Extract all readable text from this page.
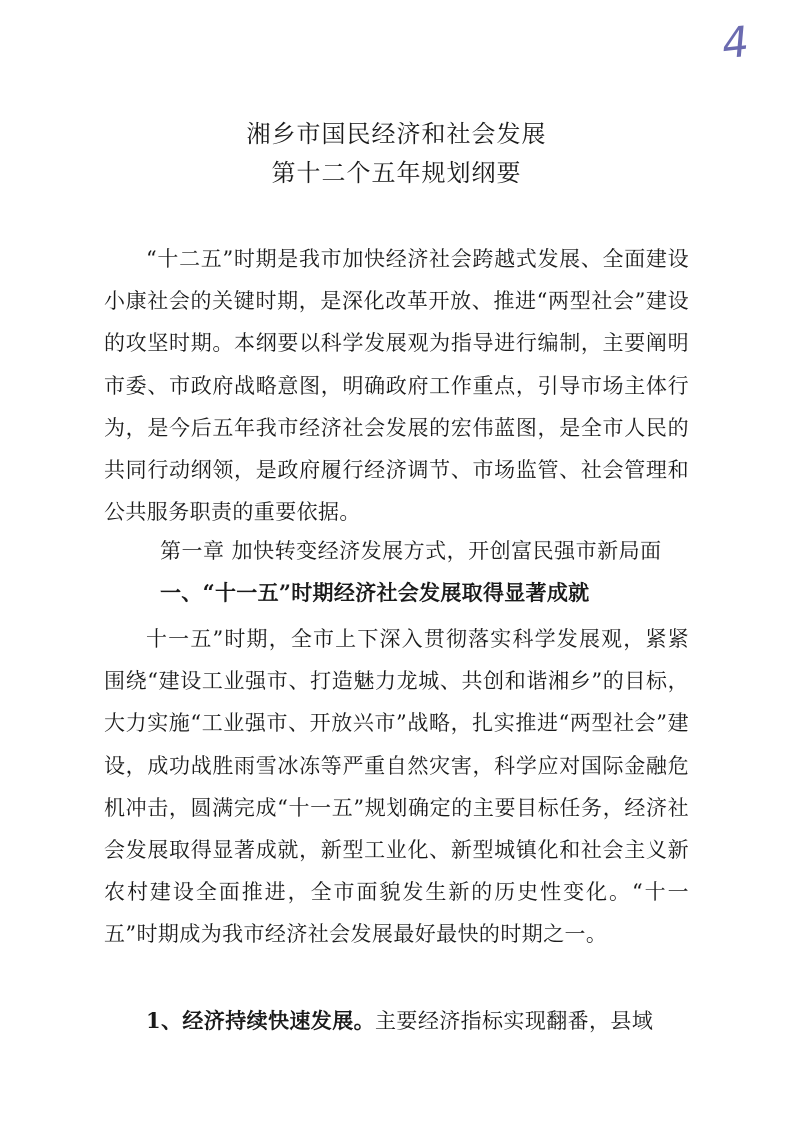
4
湘乡市国民经济和社会发展
第十二个五年规划纲要

“十二五”时期是我市加快经济社会跨越式发展、全面建设小康社会的关键时期，是深化改革开放、推进“两型社会”建设的攻坚时期。本纲要以科学发展观为指导进行编制，主要阐明市委、市政府战略意图，明确政府工作重点，引导市场主体行为，是今后五年我市经济社会发展的宏伟蓝图，是全市人民的共同行动纲领，是政府履行经济调节、市场监管、社会管理和公共服务职责的重要依据。

第一章 加快转变经济发展方式，开创富民强市新局面
一、“十一五”时期经济社会发展取得显著成就

十一五”时期，全市上下深入贯彻落实科学发展观，紧紧围绕“建设工业强市、打造魅力龙城、共创和谐湘乡”的目标，大力实施“工业强市、开放兴市”战略，扎实推进“两型社会”建设，成功战胜雨雪冰冻等严重自然灾害，科学应对国际金融危机冲击，圆满完成“十一五”规划确定的主要目标任务，经济社会发展取得显著成就，新型工业化、新型城镇化和社会主义新农村建设全面推进，全市面貌发生新的历史性变化。“十一五”时期成为我市经济社会发展最好最快的时期之一。

1、经济持续快速发展。主要经济指标实现翻番，县域
